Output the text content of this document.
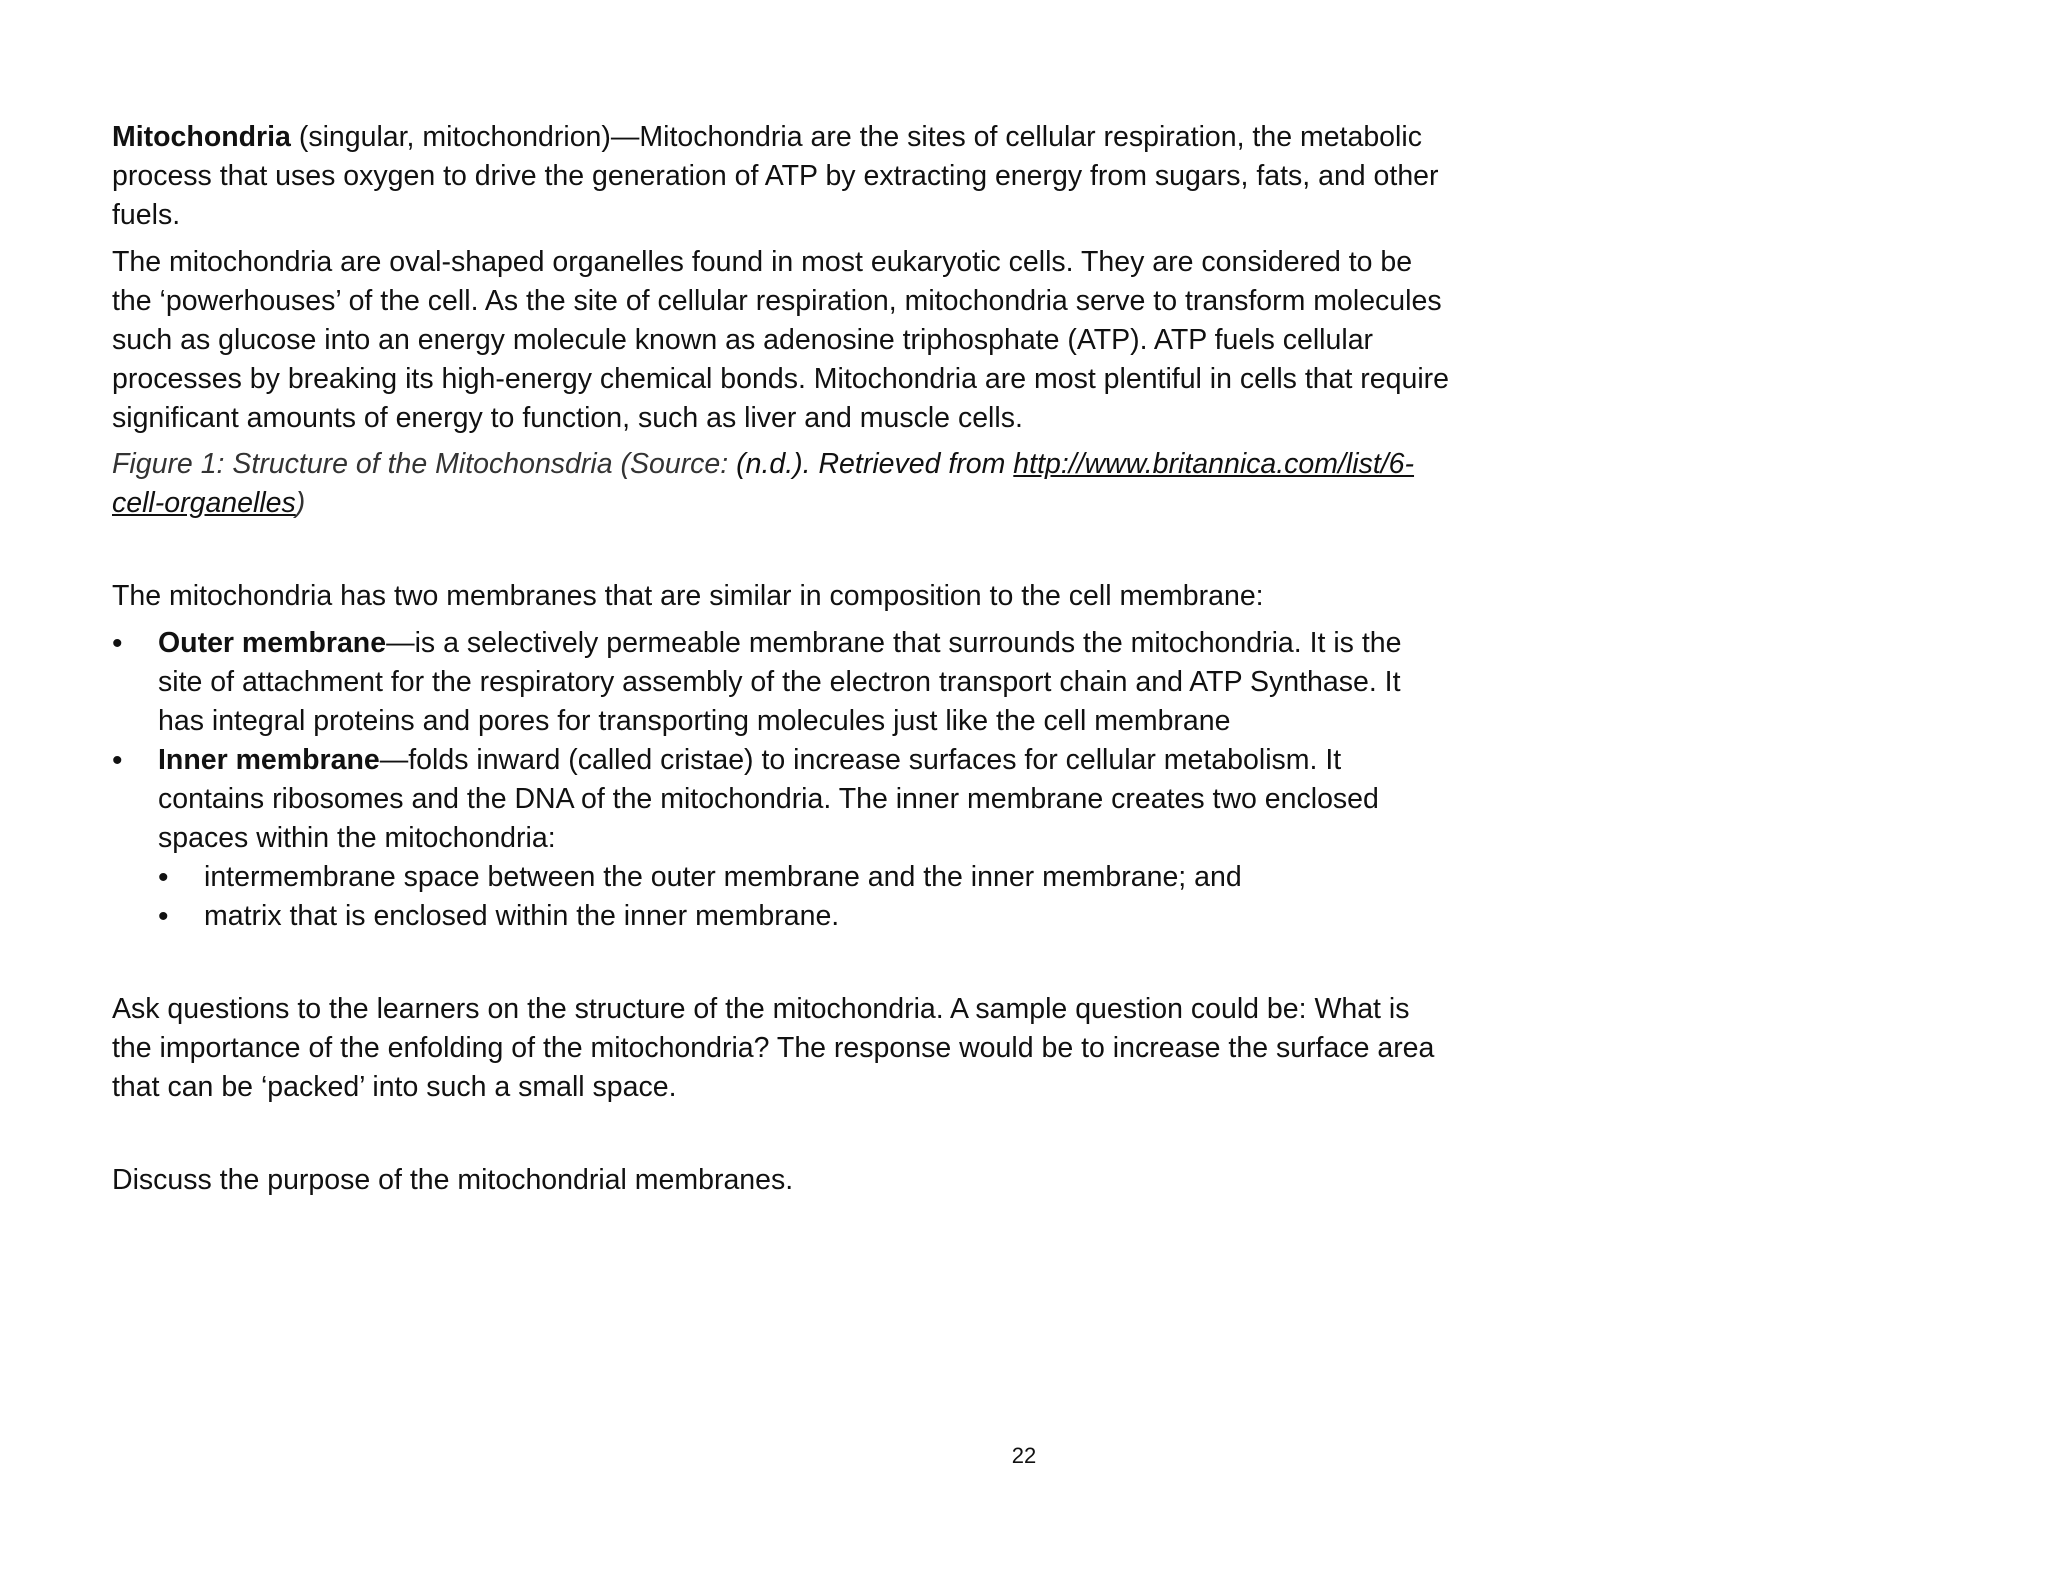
Mitochondria (singular, mitochondrion)—Mitochondria are the sites of cellular respiration, the metabolic process that uses oxygen to drive the generation of ATP by extracting energy from sugars, fats, and other fuels.

The mitochondria are oval-shaped organelles found in most eukaryotic cells. They are considered to be the ‘powerhouses’ of the cell. As the site of cellular respiration, mitochondria serve to transform molecules such as glucose into an energy molecule known as adenosine triphosphate (ATP). ATP fuels cellular processes by breaking its high-energy chemical bonds. Mitochondria are most plentiful in cells that require significant amounts of energy to function, such as liver and muscle cells.

Figure 1: Structure of the Mitochonsdria (Source: (n.d.). Retrieved from http://www.britannica.com/list/6-cell-organelles)

The mitochondria has two membranes that are similar in composition to the cell membrane:

• Outer membrane—is a selectively permeable membrane that surrounds the mitochondria. It is the site of attachment for the respiratory assembly of the electron transport chain and ATP Synthase. It has integral proteins and pores for transporting molecules just like the cell membrane
• Inner membrane—folds inward (called cristae) to increase surfaces for cellular metabolism. It contains ribosomes and the DNA of the mitochondria. The inner membrane creates two enclosed spaces within the mitochondria:
• intermembrane space between the outer membrane and the inner membrane; and
• matrix that is enclosed within the inner membrane.

Ask questions to the learners on the structure of the mitochondria. A sample question could be: What is the importance of the enfolding of the mitochondria? The response would be to increase the surface area that can be ‘packed’ into such a small space.

Discuss the purpose of the mitochondrial membranes.

22
